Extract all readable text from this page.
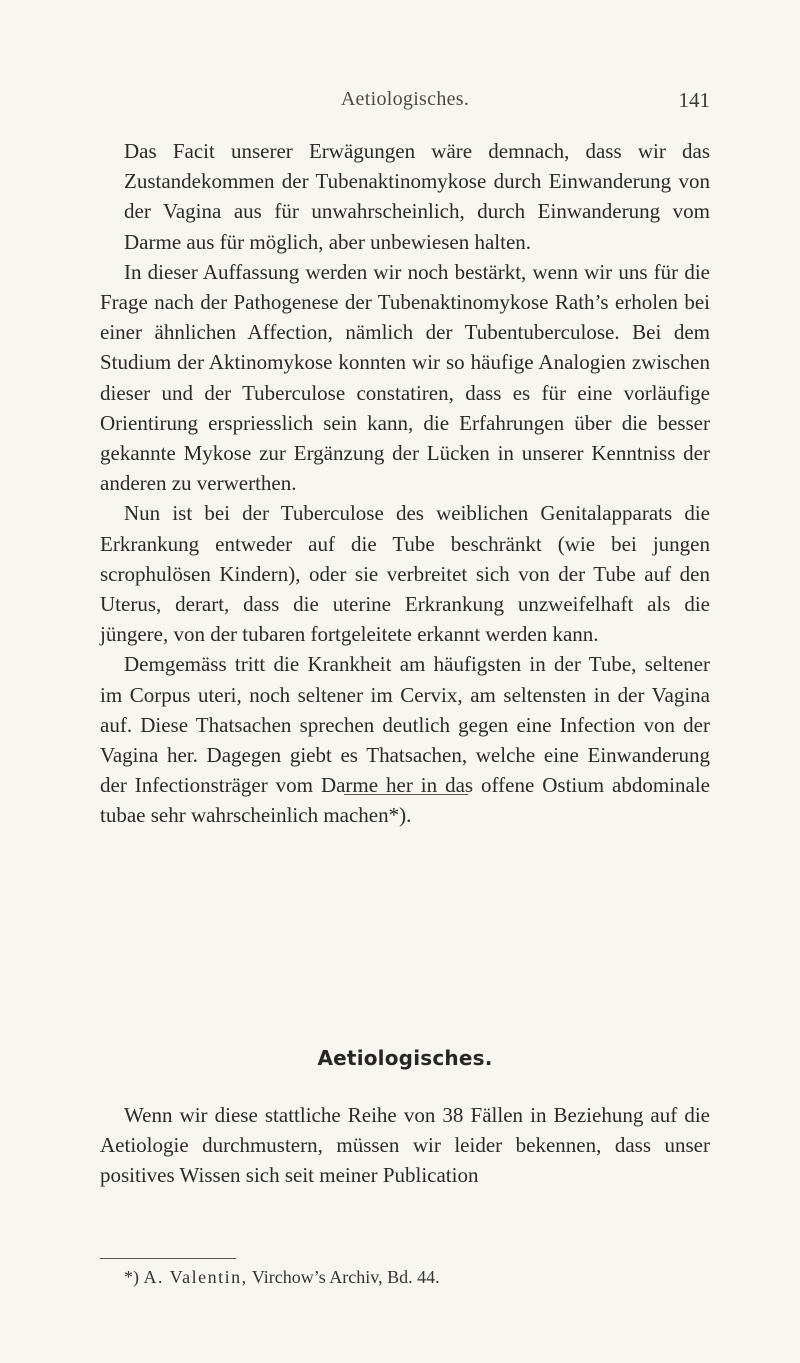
Aetiologisches.	141

Das Facit unserer Erwägungen wäre demnach, dass wir das Zustandekommen der Tubenaktinomykose durch Einwanderung von der Vagina aus für unwahrscheinlich, durch Einwanderung vom Darme aus für möglich, aber unbewiesen halten.

In dieser Auffassung werden wir noch bestärkt, wenn wir uns für die Frage nach der Pathogenese der Tubenaktinomykose Rath’s erholen bei einer ähnlichen Affection, nämlich der Tubentuberculose. Bei dem Studium der Aktinomykose konnten wir so häufige Analogien zwischen dieser und der Tuberculose constatiren, dass es für eine vorläufige Orientirung erspriesslich sein kann, die Erfahrungen über die besser gekannte Mykose zur Ergänzung der Lücken in unserer Kenntniss der anderen zu verwerthen.

Nun ist bei der Tuberculose des weiblichen Genitalapparats die Erkrankung entweder auf die Tube beschränkt (wie bei jungen scrophulösen Kindern), oder sie verbreitet sich von der Tube auf den Uterus, derart, dass die uterine Erkrankung unzweifelhaft als die jüngere, von der tubaren fortgeleitete erkannt werden kann.

Demgemäss tritt die Krankheit am häufigsten in der Tube, seltener im Corpus uteri, noch seltener im Cervix, am seltensten in der Vagina auf. Diese Thatsachen sprechen deutlich gegen eine Infection von der Vagina her. Dagegen giebt es Thatsachen, welche eine Einwanderung der Infectionsträger vom Darme her in das offene Ostium abdominale tubae sehr wahrscheinlich machen*).

Aetiologisches.

Wenn wir diese stattliche Reihe von 38 Fällen in Beziehung auf die Aetiologie durchmustern, müssen wir leider bekennen, dass unser positives Wissen sich seit meiner Publication

*) A. Valentin, Virchow’s Archiv, Bd. 44.
